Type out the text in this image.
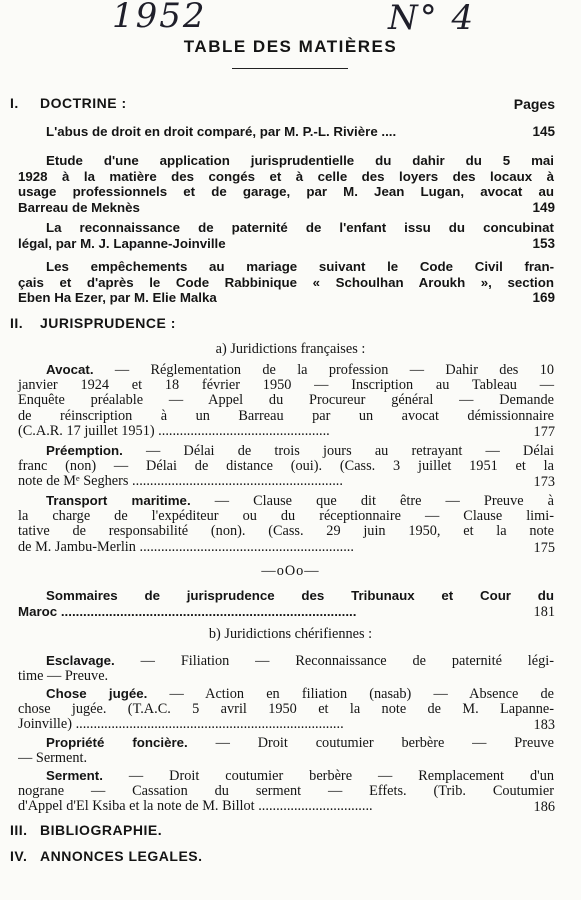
1952	N° 4
TABLE DES MATIÈRES
I. DOCTRINE :	Pages
L'abus de droit en droit comparé, par M. P.-L. Rivière ....	145
Etude d'une application jurisprudentielle du dahir du 5 mai
1928 à la matière des congés et à celle des loyers des locaux à
usage professionnels et de garage, par M. Jean Lugan, avocat au
Barreau de Meknès	149
La reconnaissance de paternité de l'enfant issu du concubinat
légal, par M. J. Lapanne-Joinville	153
Les empêchements au mariage suivant le Code Civil fran-
çais et d'après le Code Rabbinique « Schoulhan Aroukh », section
Eben Ha Ezer, par M. Elie Malka	169
II. JURISPRUDENCE :
a) Juridictions françaises :
Avocat. — Réglementation de la profession — Dahir des 10
janvier 1924 et 18 février 1950 — Inscription au Tableau —
Enquête préalable — Appel du Procureur général — Demande
de réinscription à un Barreau par un avocat démissionnaire
(C.A.R. 17 juillet 1951) ................................................	177
Préemption. — Délai de trois jours au retrayant — Délai
franc (non) — Délai de distance (oui). (Cass. 3 juillet 1951 et la
note de Mᵉ Seghers ...........................................................	173
Transport maritime. — Clause que dit être — Preuve à
la charge de l'expéditeur ou du réceptionnaire — Clause limi-
tative de responsabilité (non). (Cass. 29 juin 1950, et la note
de M. Jambu-Merlin ............................................................	175
—oOo—
Sommaires de jurisprudence des Tribunaux et Cour du
Maroc ................................................................................	181
b) Juridictions chérifiennes :
Esclavage. — Filiation — Reconnaissance de paternité légi-
time — Preuve.
Chose jugée. — Action en filiation (nasab) — Absence de
chose jugée. (T.A.C. 5 avril 1950 et la note de M. Lapanne-
Joinville) ...........................................................................	183
Propriété foncière. — Droit coutumier berbère — Preuve
— Serment.
Serment. — Droit coutumier berbère — Remplacement d'un
nograne — Cassation du serment — Effets. (Trib. Coutumier
d'Appel d'El Ksiba et la note de M. Billot ................................	186
III. BIBLIOGRAPHIE.
IV. ANNONCES LEGALES.
